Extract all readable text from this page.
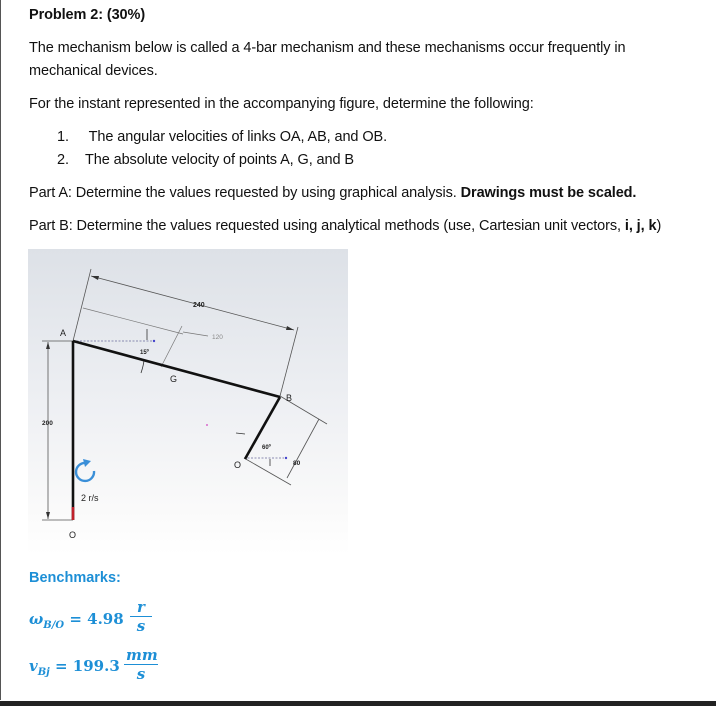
Problem 2: (30%)
The mechanism below is called a 4-bar mechanism and these mechanisms occur frequently in
mechanical devices.
For the instant represented in the accompanying figure, determine the following:
1. The angular velocities of links OA, AB, and OB.
2. The absolute velocity of points A, G, and B
Part A: Determine the values requested by using graphical analysis. Drawings must be scaled.
Part B: Determine the values requested using analytical methods (use, Cartesian unit vectors, i, j, k)
240
120
200
15º
80
60º
A
G
B
O
O
2 r/s
Benchmarks:
$\omega_{B/O} = 4.98 \frac{r}{s}$
$v_{Bj} = 199.3 \frac{mm}{s}$
